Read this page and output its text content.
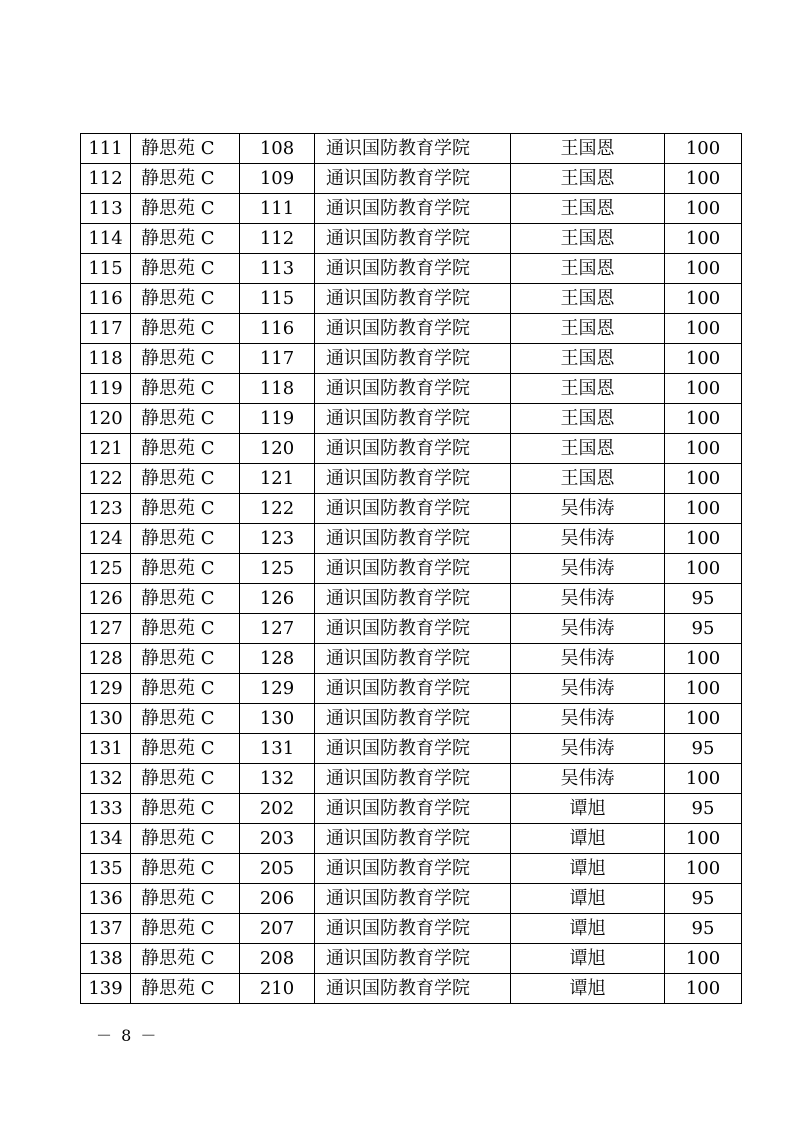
111	静思苑 C	108	通识国防教育学院	王国恩	100
112	静思苑 C	109	通识国防教育学院	王国恩	100
113	静思苑 C	111	通识国防教育学院	王国恩	100
114	静思苑 C	112	通识国防教育学院	王国恩	100
115	静思苑 C	113	通识国防教育学院	王国恩	100
116	静思苑 C	115	通识国防教育学院	王国恩	100
117	静思苑 C	116	通识国防教育学院	王国恩	100
118	静思苑 C	117	通识国防教育学院	王国恩	100
119	静思苑 C	118	通识国防教育学院	王国恩	100
120	静思苑 C	119	通识国防教育学院	王国恩	100
121	静思苑 C	120	通识国防教育学院	王国恩	100
122	静思苑 C	121	通识国防教育学院	王国恩	100
123	静思苑 C	122	通识国防教育学院	吴伟涛	100
124	静思苑 C	123	通识国防教育学院	吴伟涛	100
125	静思苑 C	125	通识国防教育学院	吴伟涛	100
126	静思苑 C	126	通识国防教育学院	吴伟涛	95
127	静思苑 C	127	通识国防教育学院	吴伟涛	95
128	静思苑 C	128	通识国防教育学院	吴伟涛	100
129	静思苑 C	129	通识国防教育学院	吴伟涛	100
130	静思苑 C	130	通识国防教育学院	吴伟涛	100
131	静思苑 C	131	通识国防教育学院	吴伟涛	95
132	静思苑 C	132	通识国防教育学院	吴伟涛	100
133	静思苑 C	202	通识国防教育学院	谭旭	95
134	静思苑 C	203	通识国防教育学院	谭旭	100
135	静思苑 C	205	通识国防教育学院	谭旭	100
136	静思苑 C	206	通识国防教育学院	谭旭	95
137	静思苑 C	207	通识国防教育学院	谭旭	95
138	静思苑 C	208	通识国防教育学院	谭旭	100
139	静思苑 C	210	通识国防教育学院	谭旭	100
－ 8 －
